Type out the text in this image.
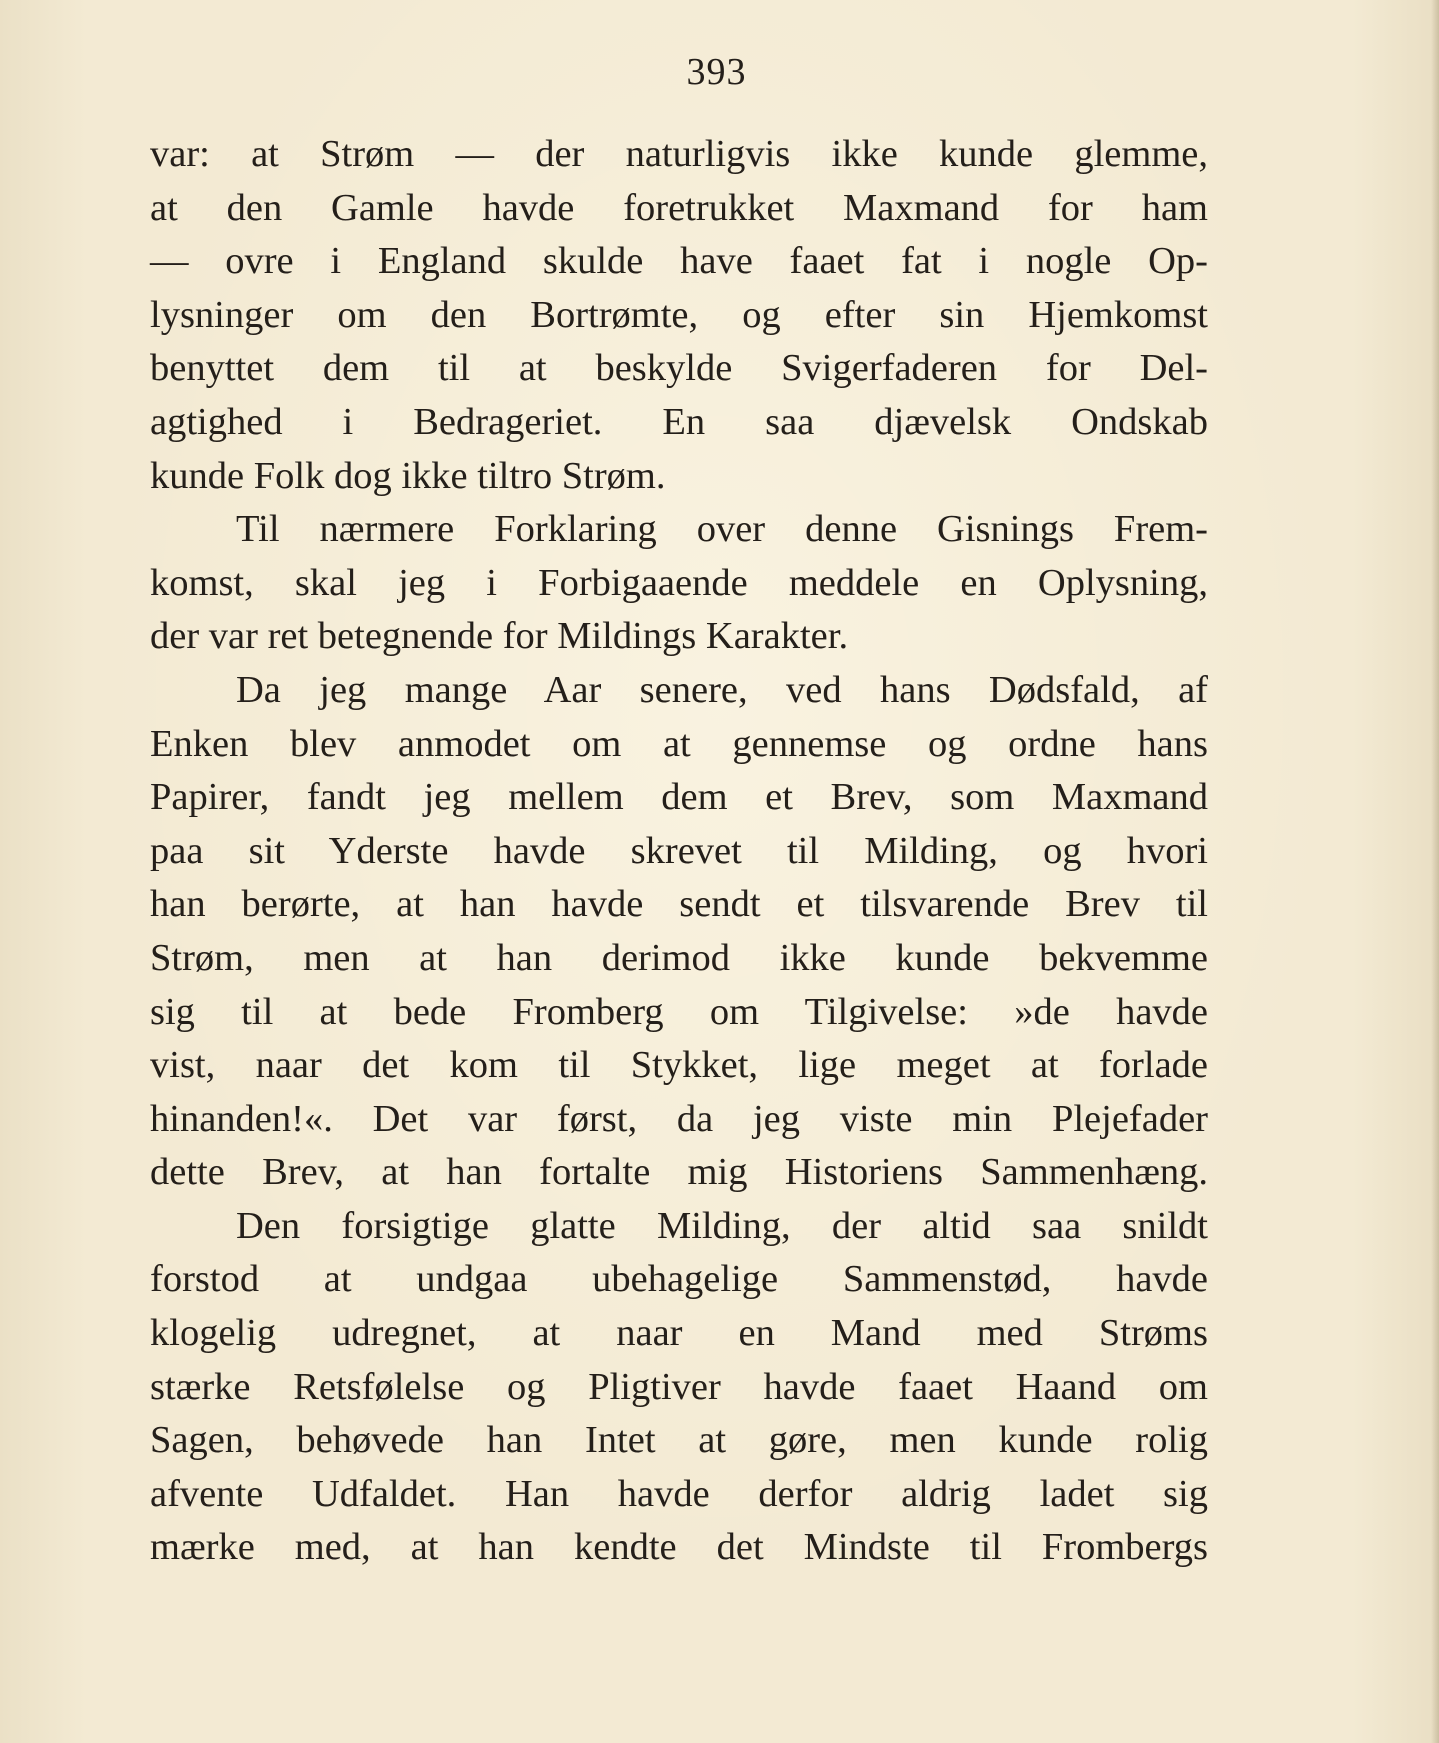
393
var: at Strøm — der naturligvis ikke kunde glemme,
at den Gamle havde foretrukket Maxmand for ham
— ovre i England skulde have faaet fat i nogle Op-
lysninger om den Bortrømte, og efter sin Hjemkomst
benyttet dem til at beskylde Svigerfaderen for Del-
agtighed i Bedrageriet. En saa djævelsk Ondskab
kunde Folk dog ikke tiltro Strøm.
Til nærmere Forklaring over denne Gisnings Frem-
komst, skal jeg i Forbigaaende meddele en Oplysning,
der var ret betegnende for Mildings Karakter.
Da jeg mange Aar senere, ved hans Dødsfald, af
Enken blev anmodet om at gennemse og ordne hans
Papirer, fandt jeg mellem dem et Brev, som Maxmand
paa sit Yderste havde skrevet til Milding, og hvori
han berørte, at han havde sendt et tilsvarende Brev til
Strøm, men at han derimod ikke kunde bekvemme
sig til at bede Fromberg om Tilgivelse: »de havde
vist, naar det kom til Stykket, lige meget at forlade
hinanden!«. Det var først, da jeg viste min Plejefader
dette Brev, at han fortalte mig Historiens Sammenhæng.
Den forsigtige glatte Milding, der altid saa snildt
forstod at undgaa ubehagelige Sammenstød, havde
klogelig udregnet, at naar en Mand med Strøms
stærke Retsfølelse og Pligtiver havde faaet Haand om
Sagen, behøvede han Intet at gøre, men kunde rolig
afvente Udfaldet. Han havde derfor aldrig ladet sig
mærke med, at han kendte det Mindste til Frombergs
